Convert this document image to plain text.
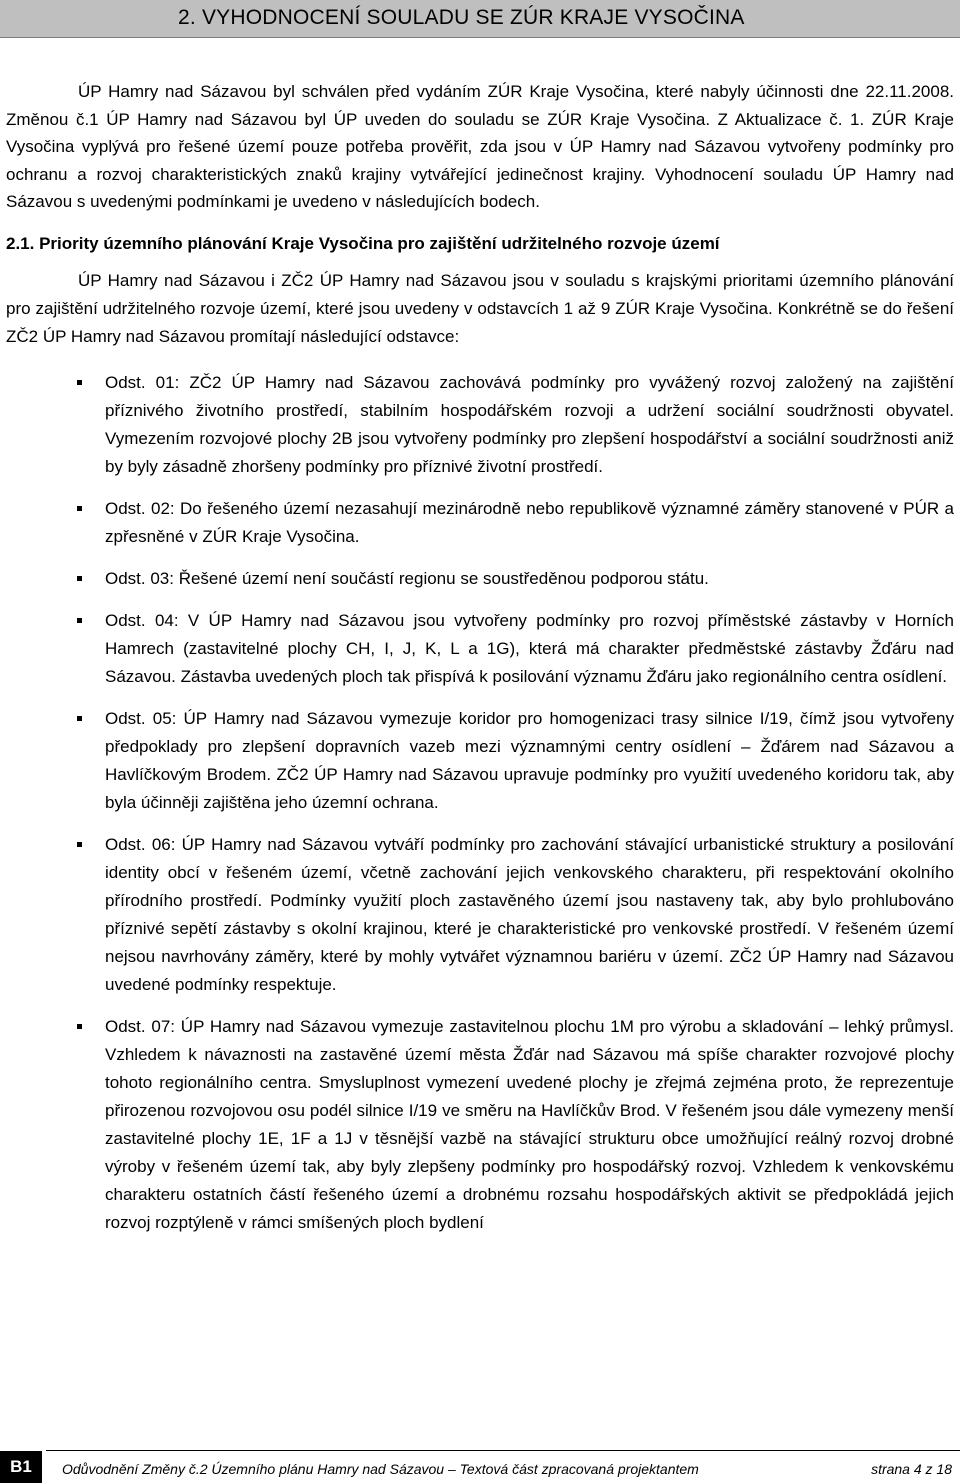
2. VYHODNOCENÍ SOULADU SE ZÚR KRAJE VYSOČINA

ÚP Hamry nad Sázavou byl schválen před vydáním ZÚR Kraje Vysočina, které nabyly účinnosti dne 22.11.2008. Změnou č.1 ÚP Hamry nad Sázavou byl ÚP uveden do souladu se ZÚR Kraje Vysočina. Z Aktualizace č. 1. ZÚR Kraje Vysočina vyplývá pro řešené území pouze potřeba prověřit, zda jsou v ÚP Hamry nad Sázavou vytvořeny podmínky pro ochranu a rozvoj charakteristických znaků krajiny vytvářející jedinečnost krajiny. Vyhodnocení souladu ÚP Hamry nad Sázavou s uvedenými podmínkami je uvedeno v následujících bodech.

2.1. Priority územního plánování Kraje Vysočina pro zajištění udržitelného rozvoje území

ÚP Hamry nad Sázavou i ZČ2 ÚP Hamry nad Sázavou jsou v souladu s krajskými prioritami územního plánování pro zajištění udržitelného rozvoje území, které jsou uvedeny v odstavcích 1 až 9 ZÚR Kraje Vysočina. Konkrétně se do řešení ZČ2 ÚP Hamry nad Sázavou promítají následující odstavce:

Odst. 01: ZČ2 ÚP Hamry nad Sázavou zachovává podmínky pro vyvážený rozvoj založený na zajištění příznivého životního prostředí, stabilním hospodářském rozvoji a udržení sociální soudržnosti obyvatel. Vymezením rozvojové plochy 2B jsou vytvořeny podmínky pro zlepšení hospodářství a sociální soudržnosti aniž by byly zásadně zhoršeny podmínky pro příznivé životní prostředí.

Odst. 02: Do řešeného území nezasahují mezinárodně nebo republikově významné záměry stanovené v PÚR a zpřesněné v ZÚR Kraje Vysočina.

Odst. 03: Řešené území není součástí regionu se soustředěnou podporou státu.

Odst. 04: V ÚP Hamry nad Sázavou jsou vytvořeny podmínky pro rozvoj příměstské zástavby v Horních Hamrech (zastavitelné plochy CH, I, J, K, L a 1G), která má charakter předměstské zástavby Žďáru nad Sázavou. Zástavba uvedených ploch tak přispívá k posilování významu Žďáru jako regionálního centra osídlení.

Odst. 05: ÚP Hamry nad Sázavou vymezuje koridor pro homogenizaci trasy silnice I/19, čímž jsou vytvořeny předpoklady pro zlepšení dopravních vazeb mezi významnými centry osídlení – Žďárem nad Sázavou a Havlíčkovým Brodem. ZČ2 ÚP Hamry nad Sázavou upravuje podmínky pro využití uvedeného koridoru tak, aby byla účinněji zajištěna jeho územní ochrana.

Odst. 06: ÚP Hamry nad Sázavou vytváří podmínky pro zachování stávající urbanistické struktury a posilování identity obcí v řešeném území, včetně zachování jejich venkovského charakteru, při respektování okolního přírodního prostředí. Podmínky využití ploch zastavěného území jsou nastaveny tak, aby bylo prohlubováno příznivé sepětí zástavby s okolní krajinou, které je charakteristické pro venkovské prostředí. V řešeném území nejsou navrhovány záměry, které by mohly vytvářet významnou bariéru v území. ZČ2 ÚP Hamry nad Sázavou uvedené podmínky respektuje.

Odst. 07: ÚP Hamry nad Sázavou vymezuje zastavitelnou plochu 1M pro výrobu a skladování – lehký průmysl. Vzhledem k návaznosti na zastavěné území města Žďár nad Sázavou má spíše charakter rozvojové plochy tohoto regionálního centra. Smysluplnost vymezení uvedené plochy je zřejmá zejména proto, že reprezentuje přirozenou rozvojovou osu podél silnice I/19 ve směru na Havlíčkův Brod. V řešeném jsou dále vymezeny menší zastavitelné plochy 1E, 1F a 1J v těsnější vazbě na stávající strukturu obce umožňující reálný rozvoj drobné výroby v řešeném území tak, aby byly zlepšeny podmínky pro hospodářský rozvoj. Vzhledem k venkovskému charakteru ostatních částí řešeného území a drobnému rozsahu hospodářských aktivit se předpokládá jejich rozvoj rozptýleně v rámci smíšených ploch bydlení

B1	Odůvodnění Změny č.2 Územního plánu Hamry nad Sázavou – Textová část zpracovaná projektantem	strana 4 z 18
